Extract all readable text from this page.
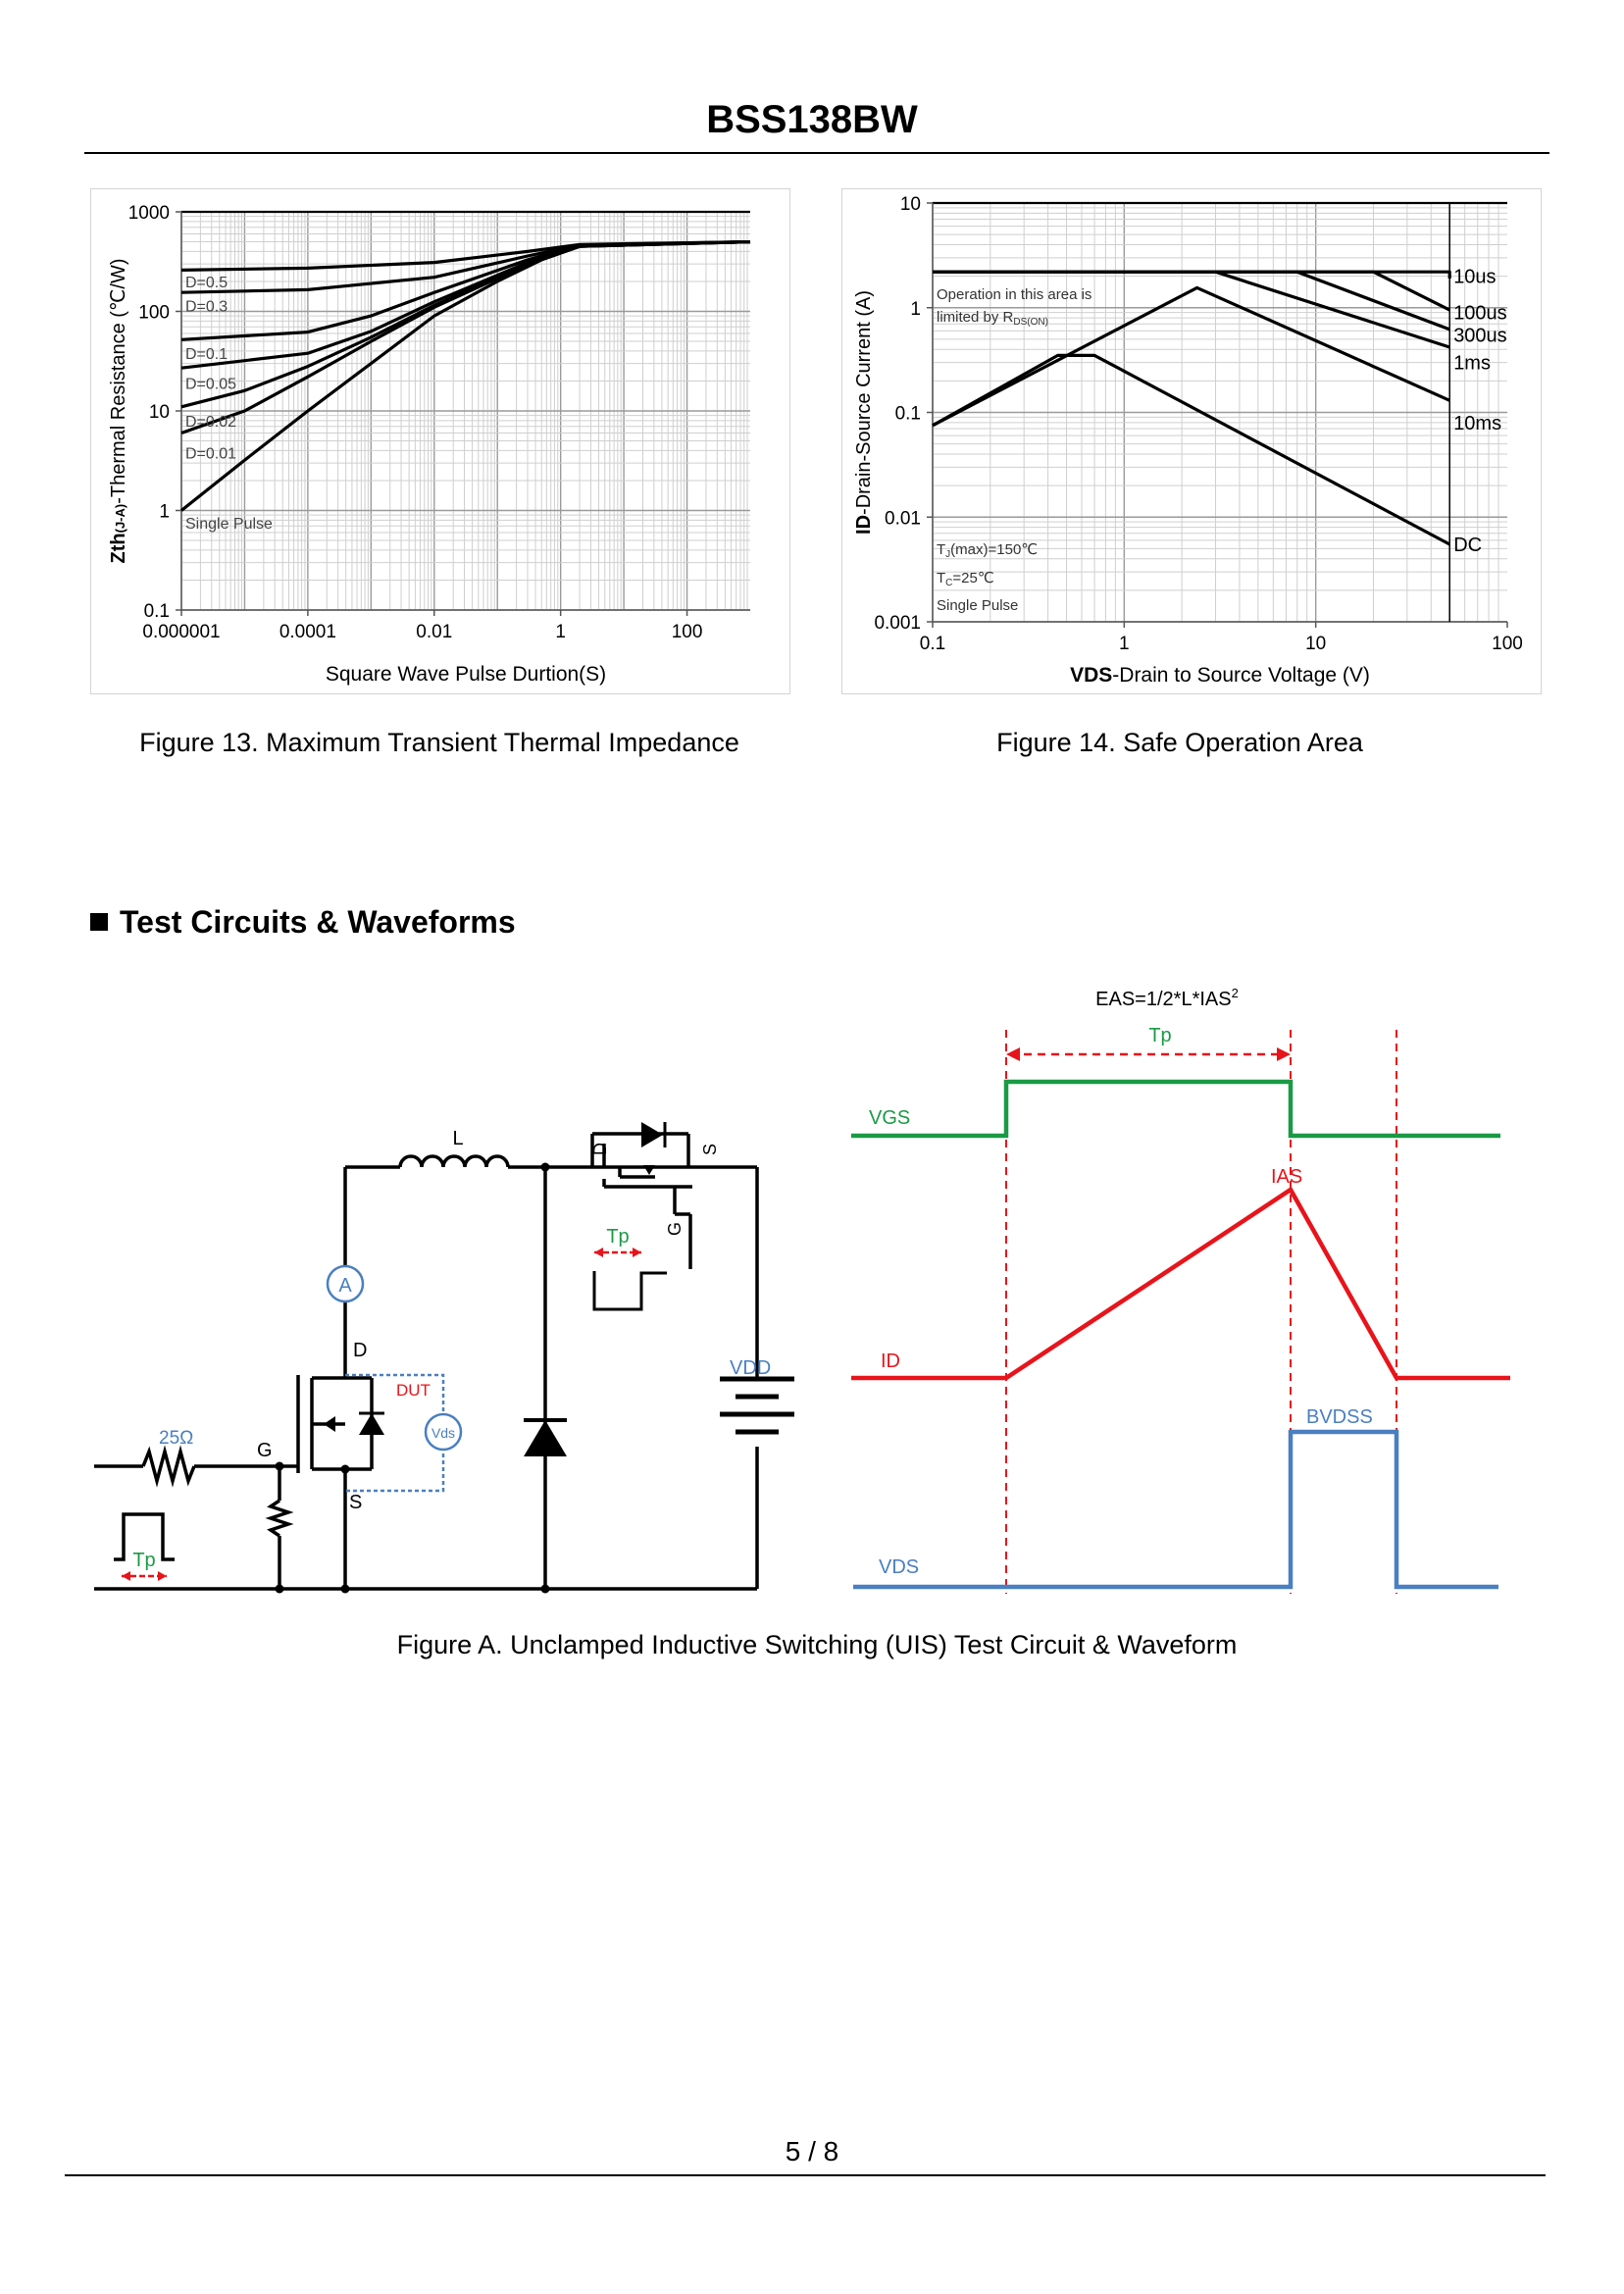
BSS138BW
0.000001	0.0001	0.01	1	100
0.1
1
10
100
1000
D=0.5
D=0.3
D=0.1
D=0.05
D=0.02
D=0.01
Single Pulse
Square Wave Pulse Durtion(S)
Zth(J-A)-Thermal Resistance (℃/W)
Figure 13. Maximum Transient Thermal Impedance
0.1	1	10	100
0.001
0.01
0.1
1
10
10us
100us
300us
1ms
10ms
DC
Operation in this area is
limited by $R_{DS(ON)}$
$T_J(\max)=150℃$
$T_C=25℃$
Single Pulse
VDS-Drain to Source Voltage (V)
ID-Drain-Source Current (A)
Figure 14. Safe Operation Area
Test Circuits & Waveforms
A
Vds
L
D
G
S
DUT
25Ω
Tp
VDD
Tp
D	S
G
$EAS=1/2*L*IAS^2$
Tp
VGS
IAS
ID
BVDSS
VDS
Figure A. Unclamped Inductive Switching (UIS) Test Circuit & Waveform
5 / 8
